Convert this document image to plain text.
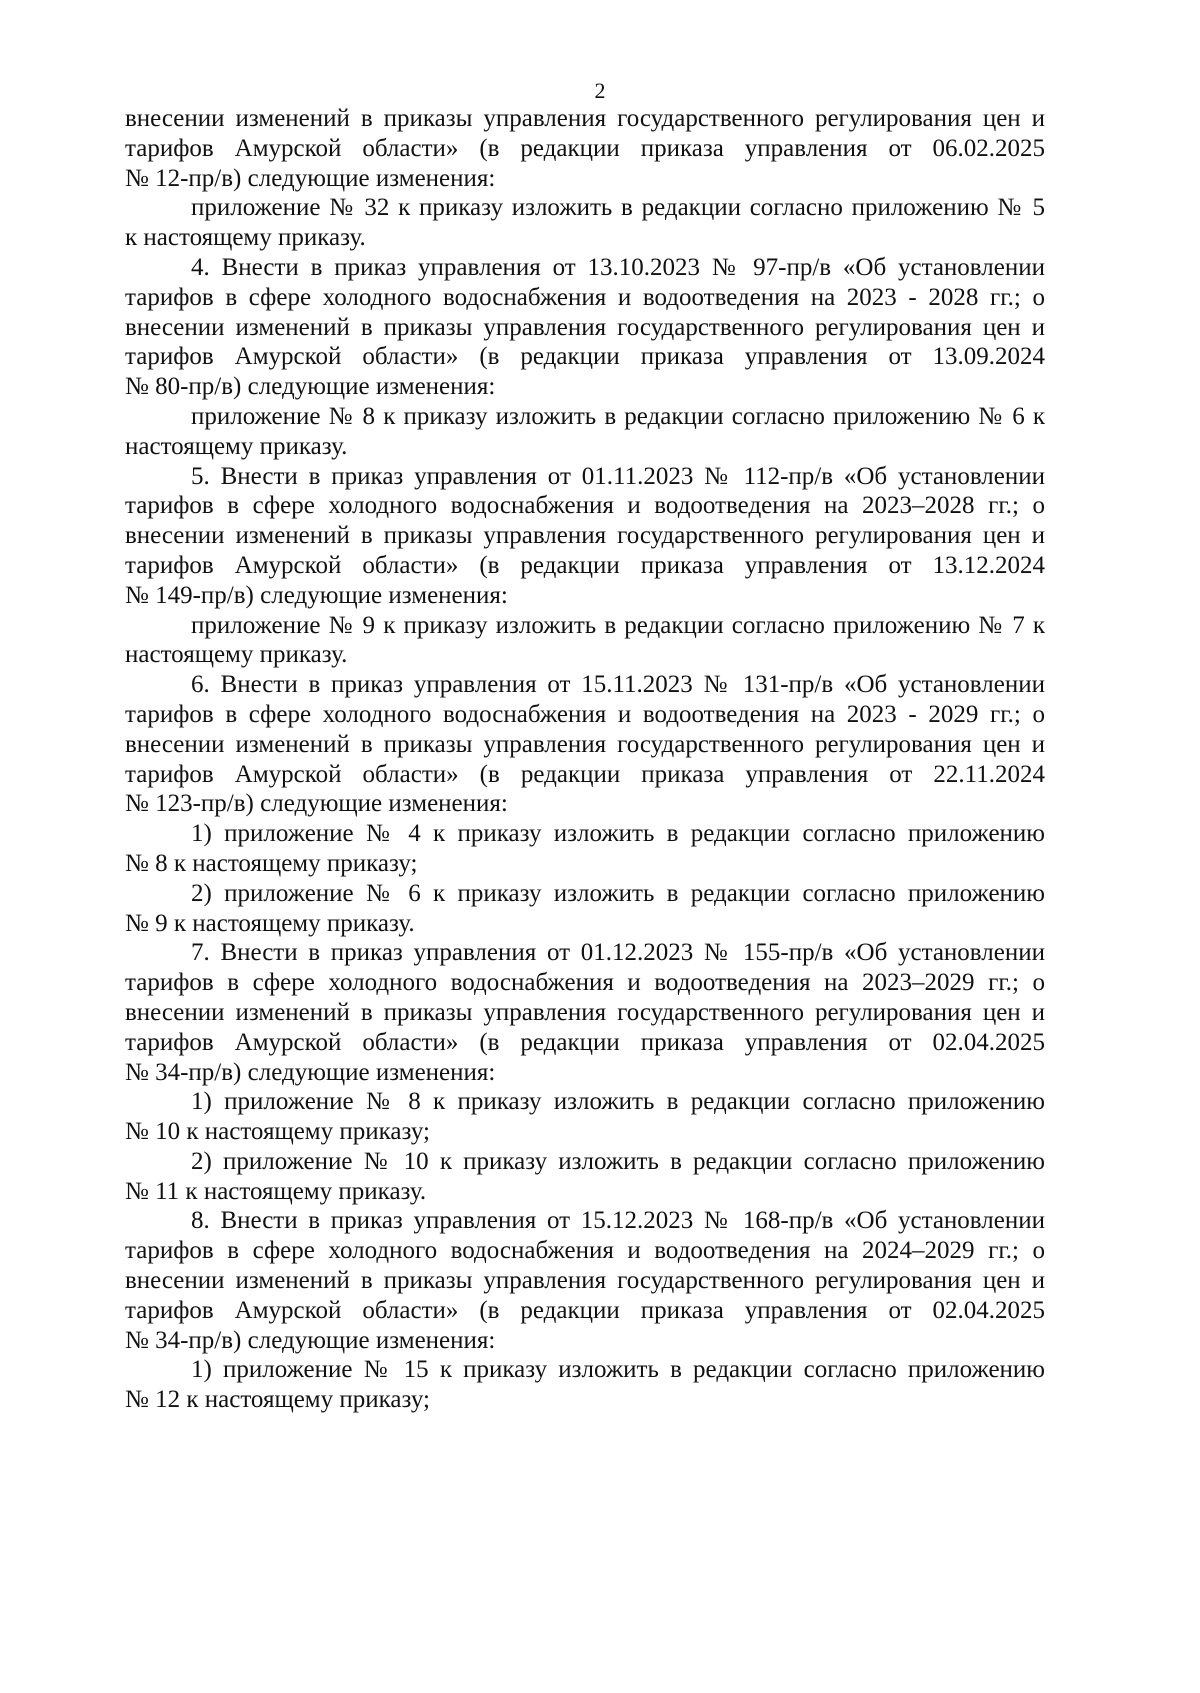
2
внесении изменений в приказы управления государственного регулирования цен и
тарифов Амурской области» (в редакции приказа управления от 06.02.2025
№ 12-пр/в) следующие изменения:
приложение № 32 к приказу изложить в редакции согласно приложению № 5
к настоящему приказу.
4. Внести в приказ управления от 13.10.2023 № 97-пр/в «Об установлении
тарифов в сфере холодного водоснабжения и водоотведения на 2023 - 2028 гг.; о
внесении изменений в приказы управления государственного регулирования цен и
тарифов Амурской области» (в редакции приказа управления от 13.09.2024
№ 80-пр/в) следующие изменения:
приложение № 8 к приказу изложить в редакции согласно приложению № 6 к
настоящему приказу.
5. Внести в приказ управления от 01.11.2023 № 112-пр/в «Об установлении
тарифов в сфере холодного водоснабжения и водоотведения на 2023–2028 гг.; о
внесении изменений в приказы управления государственного регулирования цен и
тарифов Амурской области» (в редакции приказа управления от 13.12.2024
№ 149-пр/в) следующие изменения:
приложение № 9 к приказу изложить в редакции согласно приложению № 7 к
настоящему приказу.
6. Внести в приказ управления от 15.11.2023 № 131-пр/в «Об установлении
тарифов в сфере холодного водоснабжения и водоотведения на 2023 - 2029 гг.; о
внесении изменений в приказы управления государственного регулирования цен и
тарифов Амурской области» (в редакции приказа управления от 22.11.2024
№ 123-пр/в) следующие изменения:
1) приложение № 4 к приказу изложить в редакции согласно приложению
№ 8 к настоящему приказу;
2) приложение № 6 к приказу изложить в редакции согласно приложению
№ 9 к настоящему приказу.
7. Внести в приказ управления от 01.12.2023 № 155-пр/в «Об установлении
тарифов в сфере холодного водоснабжения и водоотведения на 2023–2029 гг.; о
внесении изменений в приказы управления государственного регулирования цен и
тарифов Амурской области» (в редакции приказа управления от 02.04.2025
№ 34-пр/в) следующие изменения:
1) приложение № 8 к приказу изложить в редакции согласно приложению
№ 10 к настоящему приказу;
2) приложение № 10 к приказу изложить в редакции согласно приложению
№ 11 к настоящему приказу.
8. Внести в приказ управления от 15.12.2023 № 168-пр/в «Об установлении
тарифов в сфере холодного водоснабжения и водоотведения на 2024–2029 гг.; о
внесении изменений в приказы управления государственного регулирования цен и
тарифов Амурской области» (в редакции приказа управления от 02.04.2025
№ 34-пр/в) следующие изменения:
1) приложение № 15 к приказу изложить в редакции согласно приложению
№ 12 к настоящему приказу;
